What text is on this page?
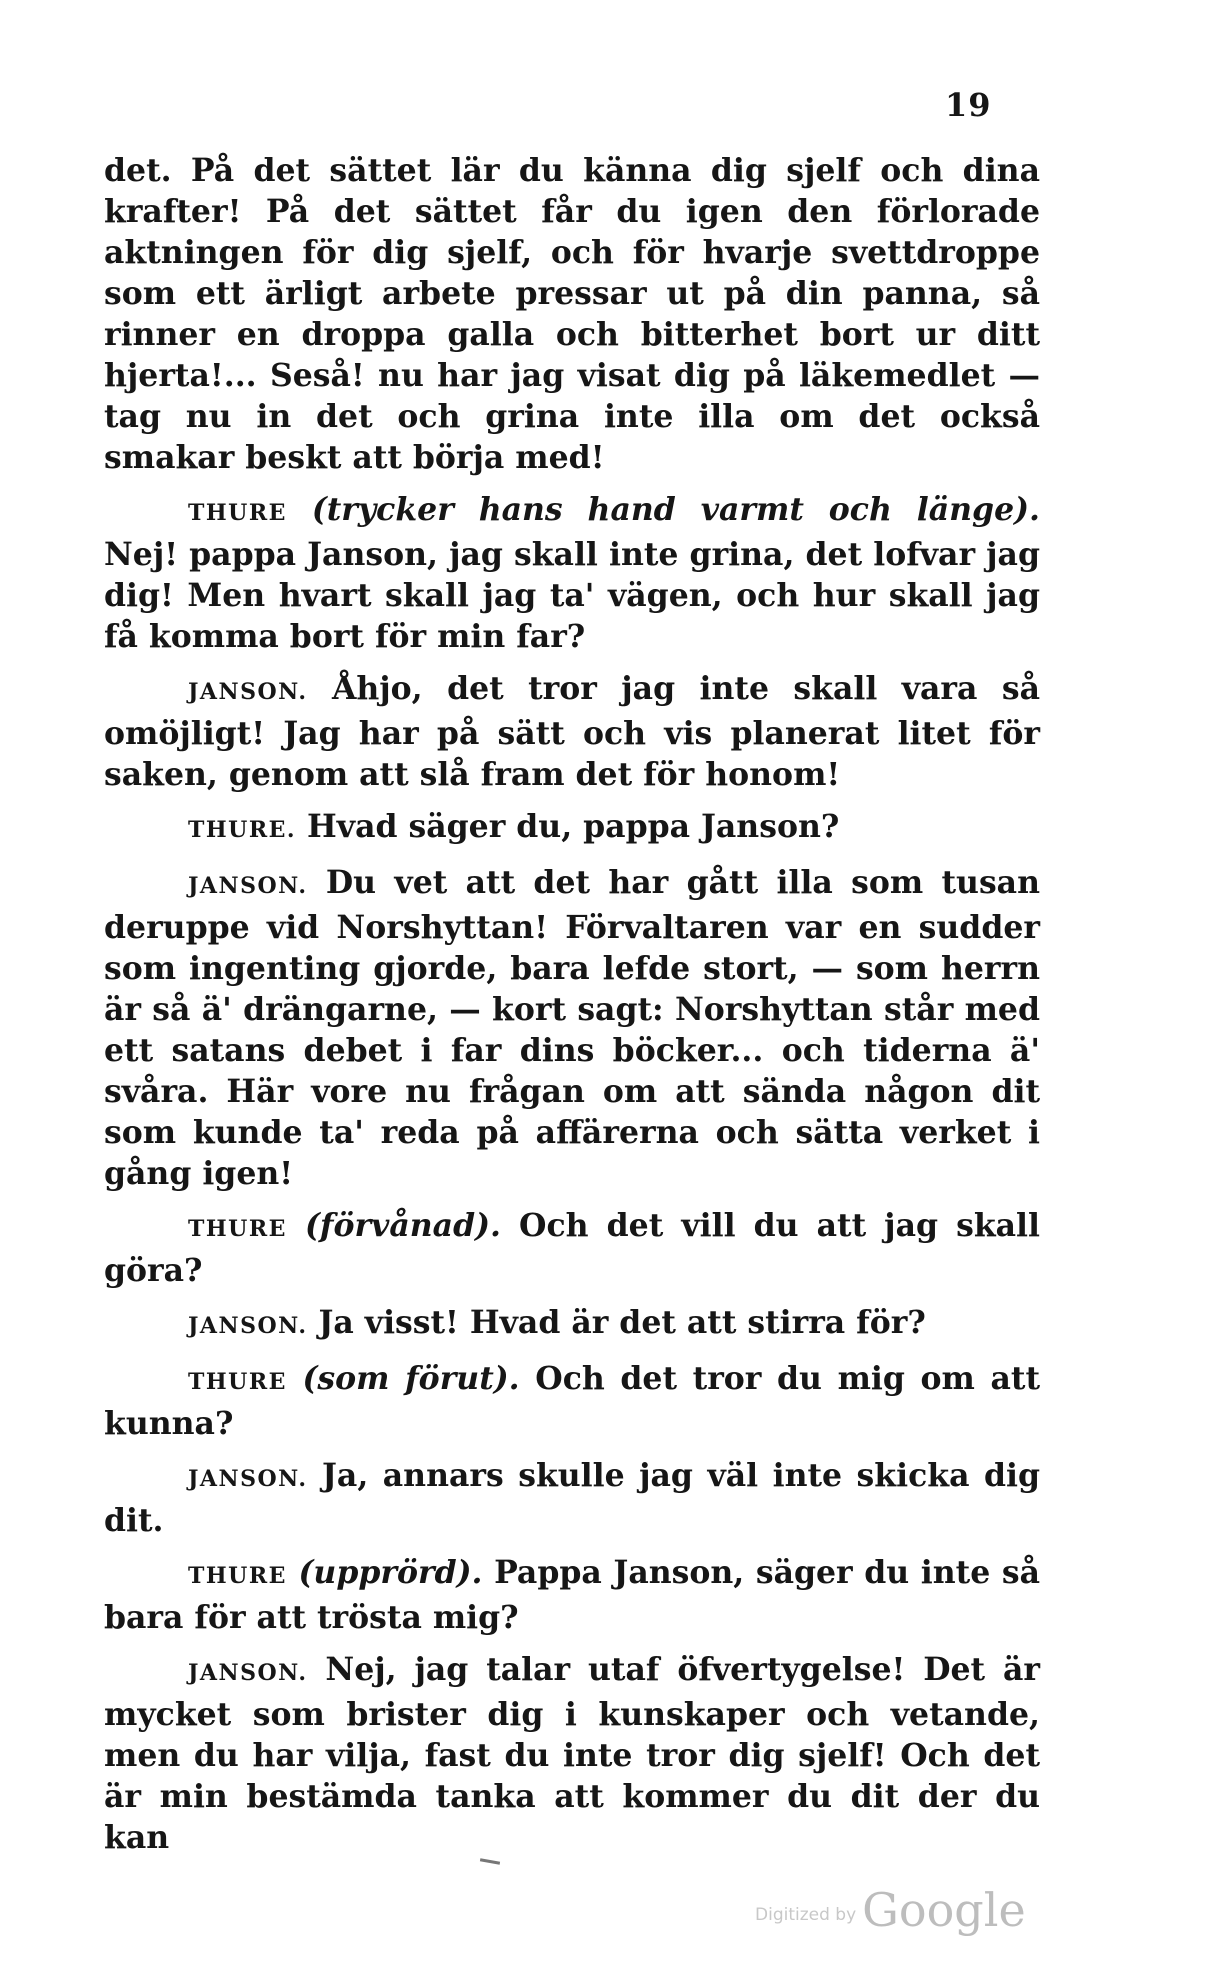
19

det. På det sättet lär du känna dig sjelf och dina krafter! På det sättet får du igen den förlorade aktningen för dig sjelf, och för hvarje svettdroppe som ett ärligt arbete pressar ut på din panna, så rinner en droppa galla och bitterhet bort ur ditt hjerta!... Seså! nu har jag visat dig på läkemedlet — tag nu in det och grina inte illa om det också smakar beskt att börja med!

THURE (trycker hans hand varmt och länge). Nej! pappa Janson, jag skall inte grina, det lofvar jag dig! Men hvart skall jag ta' vägen, och hur skall jag få komma bort för min far?

JANSON. Åhjo, det tror jag inte skall vara så omöjligt! Jag har på sätt och vis planerat litet för saken, genom att slå fram det för honom!

THURE. Hvad säger du, pappa Janson?

JANSON. Du vet att det har gått illa som tusan deruppe vid Norshyttan! Förvaltaren var en sudder som ingenting gjorde, bara lefde stort, — som herrn är så ä' drängarne, — kort sagt: Norshyttan står med ett satans debet i far dins böcker... och tiderna ä' svåra. Här vore nu frågan om att sända någon dit som kunde ta' reda på affärerna och sätta verket i gång igen!

THURE (förvånad). Och det vill du att jag skall göra?

JANSON. Ja visst! Hvad är det att stirra för?

THURE (som förut). Och det tror du mig om att kunna?

JANSON. Ja, annars skulle jag väl inte skicka dig dit.

THURE (upprörd). Pappa Janson, säger du inte så bara för att trösta mig?

JANSON. Nej, jag talar utaf öfvertygelse! Det är mycket som brister dig i kunskaper och vetande, men du har vilja, fast du inte tror dig sjelf! Och det är min bestämda tanka att kommer du dit der du kan

Digitized by Google
